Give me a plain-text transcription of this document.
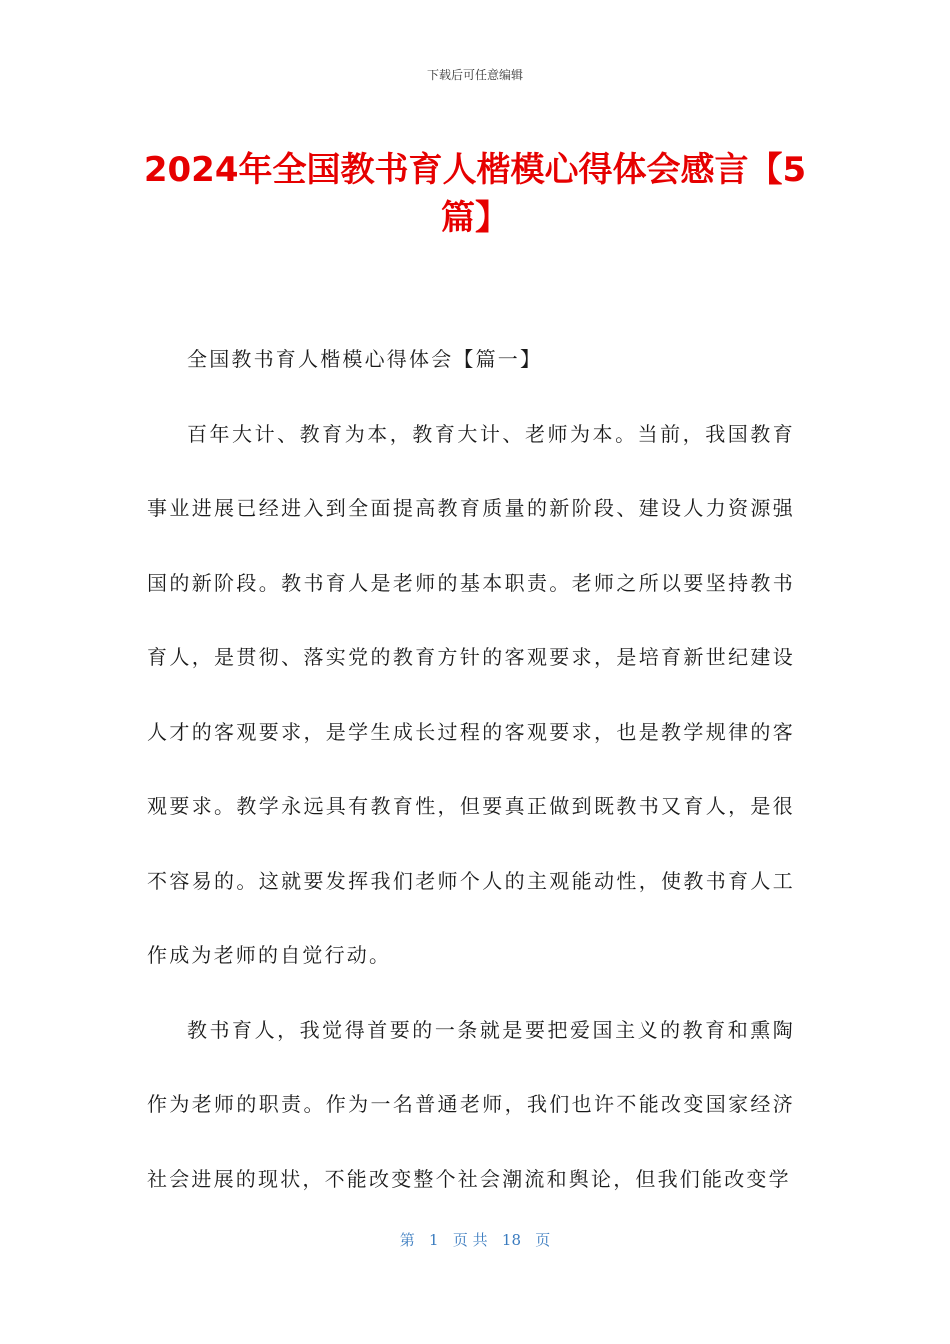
下载后可任意编辑
2024年全国教书育人楷模心得体会感言【5篇】

全国教书育人楷模心得体会【篇一】

百年大计、教育为本，教育大计、老师为本。当前，我国教育事业进展已经进入到全面提高教育质量的新阶段、建设人力资源强国的新阶段。教书育人是老师的基本职责。老师之所以要坚持教书育人，是贯彻、落实党的教育方针的客观要求，是培育新世纪建设人才的客观要求，是学生成长过程的客观要求，也是教学规律的客观要求。教学永远具有教育性，但要真正做到既教书又育人，是很不容易的。这就要发挥我们老师个人的主观能动性，使教书育人工作成为老师的自觉行动。

教书育人，我觉得首要的一条就是要把爱国主义的教育和熏陶作为老师的职责。作为一名普通老师，我们也许不能改变国家经济社会进展的现状，不能改变整个社会潮流和舆论，但我们能改变学

第   1   页 共   18   页
